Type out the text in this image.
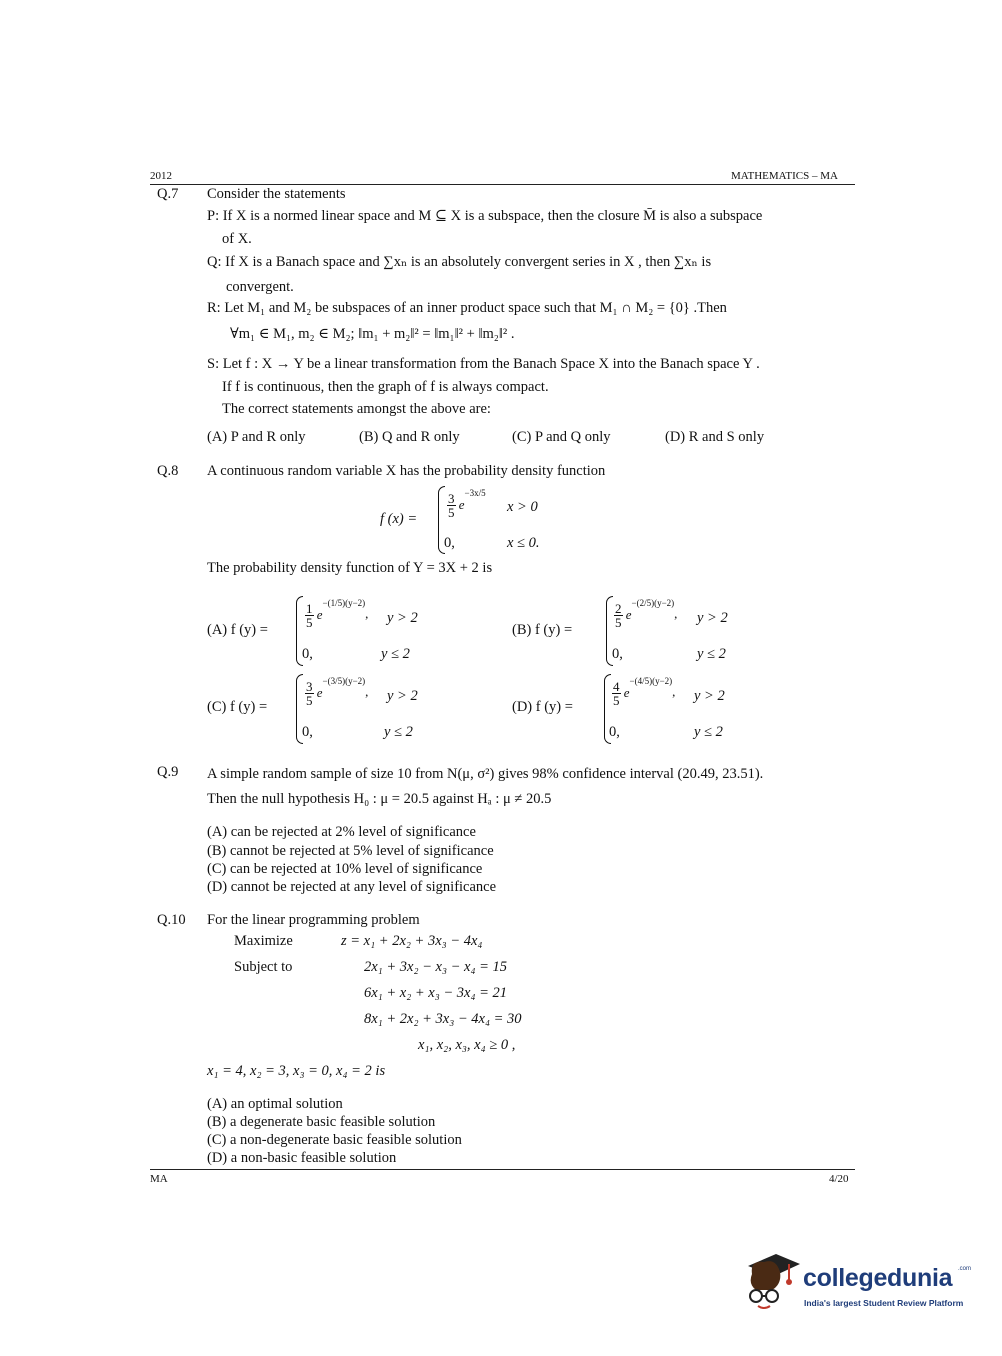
2012	MATHEMATICS – MA
Q.7 Consider the statements
P: If X is a normed linear space and M ⊆ X is a subspace, then the closure M̄ is also a subspace
of X.
Q: If X is a Banach space and ∑xₙ is an absolutely convergent series in X , then ∑xₙ is
convergent.
R: Let M₁ and M₂ be subspaces of an inner product space such that M₁ ∩ M₂ = {0} .Then
∀m₁ ∈ M₁, m₂ ∈ M₂; ‖m₁ + m₂‖² = ‖m₁‖² + ‖m₂‖² .
S: Let f : X → Y be a linear transformation from the Banach Space X into the Banach space Y .
If f is continuous, then the graph of f is always compact.
The correct statements amongst the above are:
(A) P and R only	(B) Q and R only	(C) P and Q only	(D) R and S only
Q.8 A continuous random variable X has the probability density function
f (x) =
$\frac{3}{5} e^{-3x/5}$
x > 0
0,	x ≤ 0.
The probability density function of Y = 3X + 2 is
(A) f (y) =
$\frac{1}{5} e^{-(1/5)(y-2)}$, y > 2
0,	y ≤ 2
(B) f (y) =
$\frac{2}{5} e^{-(2/5)(y-2)}$, y > 2
0,	y ≤ 2
(C) f (y) =
$\frac{3}{5} e^{-(3/5)(y-2)}$, y > 2
0,	y ≤ 2
(D) f (y) =
$\frac{4}{5} e^{-(4/5)(y-2)}$, y > 2
0,	y ≤ 2
Q.9 A simple random sample of size 10 from N(μ, σ²) gives 98% confidence interval (20.49, 23.51).
Then the null hypothesis H₀ : μ = 20.5 against Hₐ : μ ≠ 20.5
(A) can be rejected at 2% level of significance
(B) cannot be rejected at 5% level of significance
(C) can be rejected at 10% level of significance
(D) cannot be rejected at any level of significance
Q.10 For the linear programming problem
Maximize	z = x₁ + 2x₂ + 3x₃ − 4x₄
Subject to	2x₁ + 3x₂ − x₃ − x₄ = 15
6x₁ + x₂ + x₃ − 3x₄ = 21
8x₁ + 2x₂ + 3x₃ − 4x₄ = 30
x₁, x₂, x₃, x₄ ≥ 0 ,
x₁ = 4, x₂ = 3, x₃ = 0, x₄ = 2 is
(A) an optimal solution
(B) a degenerate basic feasible solution
(C) a non-degenerate basic feasible solution
(D) a non-basic feasible solution
MA	4/20
collegedunia .com
India's largest Student Review Platform
